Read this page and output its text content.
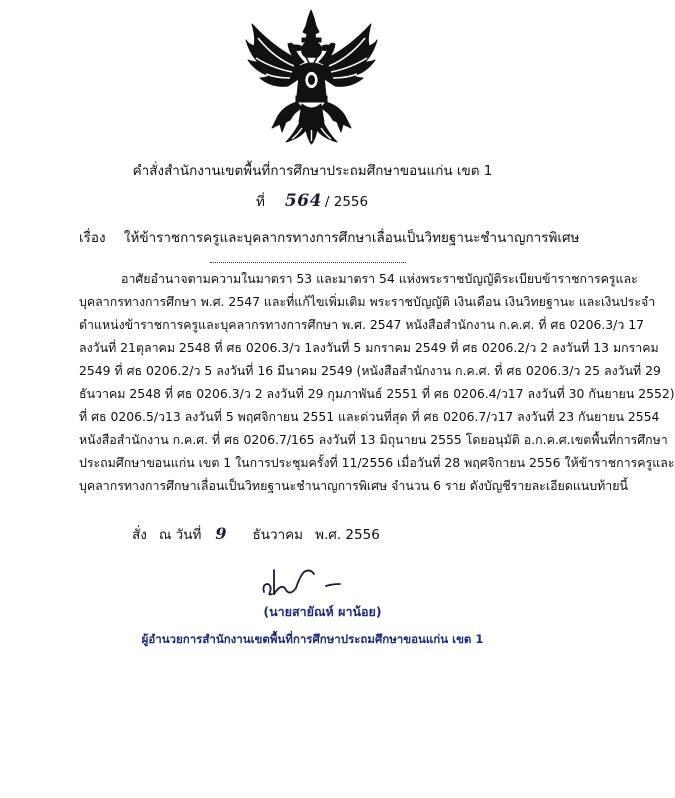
คำสั่งสำนักงานเขตพื้นที่การศึกษาประถมศึกษาขอนแก่น เขต 1
ที่ 564 / 2556
เรื่อง ให้ข้าราชการครูและบุคลากรทางการศึกษาเลื่อนเป็นวิทยฐานะชำนาญการพิเศษ
อาศัยอำนาจตามความในมาตรา 53 และมาตรา 54 แห่งพระราชบัญญัติระเบียบข้าราชการครูและ
บุคลากรทางการศึกษา พ.ศ. 2547 และที่แก้ไขเพิ่มเติม พระราชบัญญัติ เงินเดือน เงินวิทยฐานะ และเงินประจำ
ตำแหน่งข้าราชการครูและบุคลากรทางการศึกษา พ.ศ. 2547 หนังสือสำนักงาน ก.ค.ศ. ที่ ศธ 0206.3/ว 17
ลงวันที่ 21ตุลาคม 2548 ที่ ศธ 0206.3/ว 1ลงวันที่ 5 มกราคม 2549 ที่ ศธ 0206.2/ว 2 ลงวันที่ 13 มกราคม
2549 ที่ ศธ 0206.2/ว 5 ลงวันที่ 16 มีนาคม 2549 (หนังสือสำนักงาน ก.ค.ศ. ที่ ศธ 0206.3/ว 25 ลงวันที่ 29
ธันวาคม 2548 ที่ ศธ 0206.3/ว 2 ลงวันที่ 29 กุมภาพันธ์ 2551 ที่ ศธ 0206.4/ว17 ลงวันที่ 30 กันยายน 2552)
ที่ ศธ 0206.5/ว13 ลงวันที่ 5 พฤศจิกายน 2551 และด่วนที่สุด ที่ ศธ 0206.7/ว17 ลงวันที่ 23 กันยายน 2554
หนังสือสำนักงาน ก.ค.ศ. ที่ ศธ 0206.7/165 ลงวันที่ 13 มิถุนายน 2555 โดยอนุมัติ อ.ก.ค.ศ.เขตพื้นที่การศึกษา
ประถมศึกษาขอนแก่น เขต 1 ในการประชุมครั้งที่ 11/2556 เมื่อวันที่ 28 พฤศจิกายน 2556 ให้ข้าราชการครูและ
บุคลากรทางการศึกษาเลื่อนเป็นวิทยฐานะชำนาญการพิเศษ จำนวน 6 ราย ดังบัญชีรายละเอียดแนบท้ายนี้
สั่ง ณ วันที่ 9 ธันวาคม พ.ศ. 2556
(นายสายัณห์ ผาน้อย)
ผู้อำนวยการสำนักงานเขตพื้นที่การศึกษาประถมศึกษาขอนแก่น เขต 1
